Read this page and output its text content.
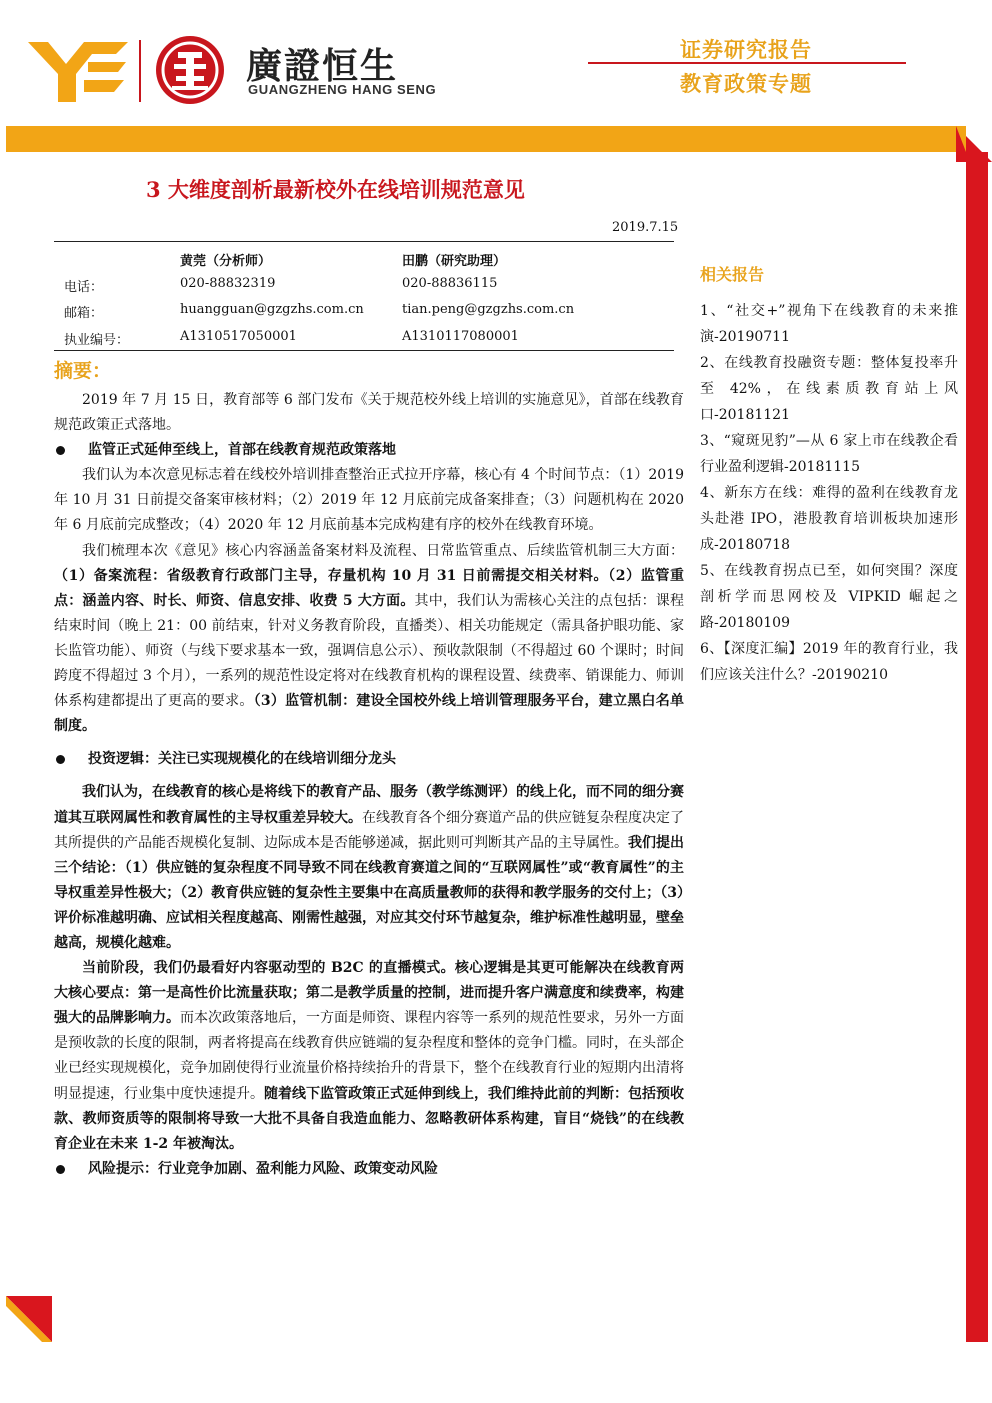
廣證恒生
GUANGZHENG HANG SENG
证券研究报告
教育政策专题
3 大维度剖析最新校外在线培训规范意见
2019.7.15
黄莞（分析师）	田鹏（研究助理）
电话：	020-88832319	020-88836115
邮箱：	huangguan@gzgzhs.com.cn	tian.peng@gzgzhs.com.cn
执业编号：	A1310517050001	A1310117080001
摘要：

2019 年 7 月 15 日，教育部等 6 部门发布《关于规范校外线上培训的实施意见》，首部在线教育规范政策正式落地。

监管正式延伸至线上，首部在线教育规范政策落地

我们认为本次意见标志着在线校外培训排查整治正式拉开序幕，核心有 4 个时间节点：（1）2019 年 10 月 31 日前提交备案审核材料；（2）2019 年 12 月底前完成备案排查；（3）问题机构在 2020 年 6 月底前完成整改；（4）2020 年 12 月底前基本完成构建有序的校外在线教育环境。

我们梳理本次《意见》核心内容涵盖备案材料及流程、日常监管重点、后续监管机制三大方面：（1）备案流程：省级教育行政部门主导，存量机构 10 月 31 日前需提交相关材料。（2）监管重点：涵盖内容、时长、师资、信息安排、收费 5 大方面。其中，我们认为需核心关注的点包括：课程结束时间（晚上 21：00 前结束，针对义务教育阶段，直播类）、相关功能规定（需具备护眼功能、家长监管功能）、师资（与线下要求基本一致，强调信息公示）、预收款限制（不得超过 60 个课时；时间跨度不得超过 3 个月），一系列的规范性设定将对在线教育机构的课程设置、续费率、销课能力、师训体系构建都提出了更高的要求。（3）监管机制：建设全国校外线上培训管理服务平台，建立黑白名单制度。

投资逻辑：关注已实现规模化的在线培训细分龙头

我们认为，在线教育的核心是将线下的教育产品、服务（教学练测评）的线上化，而不同的细分赛道其互联网属性和教育属性的主导权重差异较大。在线教育各个细分赛道产品的供应链复杂程度决定了其所提供的产品能否规模化复制、边际成本是否能够递减，据此则可判断其产品的主导属性。我们提出三个结论：（1）供应链的复杂程度不同导致不同在线教育赛道之间的“互联网属性”或“教育属性”的主导权重差异性极大；（2）教育供应链的复杂性主要集中在高质量教师的获得和教学服务的交付上；（3）评价标准越明确、应试相关程度越高、刚需性越强，对应其交付环节越复杂，维护标准性越明显，壁垒越高，规模化越难。

当前阶段，我们仍最看好内容驱动型的 B2C 的直播模式。核心逻辑是其更可能解决在线教育两大核心要点：第一是高性价比流量获取；第二是教学质量的控制，进而提升客户满意度和续费率，构建强大的品牌影响力。而本次政策落地后，一方面是师资、课程内容等一系列的规范性要求，另外一方面是预收款的长度的限制，两者将提高在线教育供应链端的复杂程度和整体的竞争门槛。同时，在头部企业已经实现规模化，竞争加剧使得行业流量价格持续抬升的背景下，整个在线教育行业的短期内出清将明显提速，行业集中度快速提升。随着线下监管政策正式延伸到线上，我们维持此前的判断：包括预收款、教师资质等的限制将导致一大批不具备自我造血能力、忽略教研体系构建，盲目“烧钱”的在线教育企业在未来 1-2 年被淘汰。

风险提示：行业竞争加剧、盈利能力风险、政策变动风险

相关报告
1、“社交+”视角下在线教育的未来推演-20190711
2、在线教育投融资专题：整体复投率升至 42%，在线素质教育站上风口-20181121
3、“窥斑见豹”—从 6 家上市在线教企看行业盈利逻辑-20181115
4、新东方在线：难得的盈利在线教育龙头赴港 IPO，港股教育培训板块加速形成-20180718
5、在线教育拐点已至，如何突围？深度剖析学而思网校及 VIPKID 崛起之路-20180109
6、【深度汇编】2019 年的教育行业，我们应该关注什么？-20190210
